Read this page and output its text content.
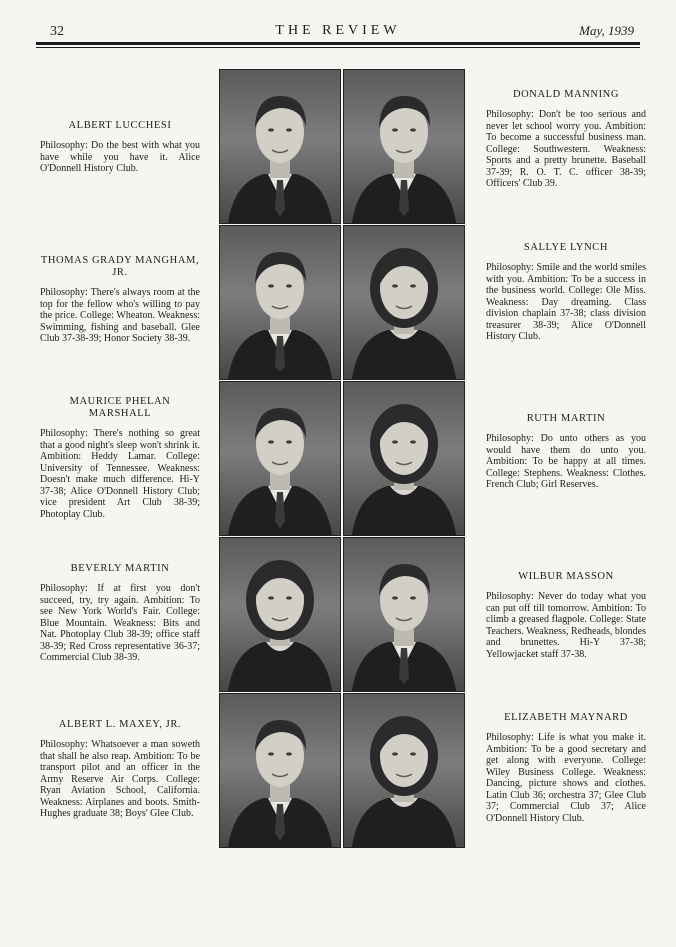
32	THE REVIEW	May, 1939
ALBERT LUCCHESI
Philosophy: Do the best with what you have while you have it. Alice O'Donnell History Club.
DONALD MANNING
Philosophy: Don't be too serious and never let school worry you. Ambition: To become a successful business man. College: Southwestern. Weakness: Sports and a pretty brunette. Baseball 37-39; R. O. T. C. officer 38-39; Officers' Club 39.
THOMAS GRADY MANGHAM, JR.
Philosophy: There's always room at the top for the fellow who's willing to pay the price. College: Wheaton. Weakness: Swimming, fishing and baseball. Glee Club 37-38-39; Honor Society 38-39.
SALLYE LYNCH
Philosophy: Smile and the world smiles with you. Ambition: To be a success in the business world. College: Ole Miss. Weakness: Day dreaming. Class division chaplain 37-38; class division treasurer 38-39; Alice O'Donnell History Club.
MAURICE PHELAN MARSHALL
Philosophy: There's nothing so great that a good night's sleep won't shrink it. Ambition: Heddy Lamar. College: University of Tennessee. Weakness: Doesn't make much difference. Hi-Y 37-38; Alice O'Donnell History Club; vice president Art Club 38-39; Photoplay Club.
RUTH MARTIN
Philosophy: Do unto others as you would have them do unto you. Ambition: To be happy at all times. College: Stephens. Weakness: Clothes. French Club; Girl Reserves.
BEVERLY MARTIN
Philosophy: If at first you don't succeed, try, try again. Ambition: To see New York World's Fair. College: Blue Mountain. Weakness: Bits and Nat. Photoplay Club 38-39; office staff 38-39; Red Cross representative 36-37; Commercial Club 38-39.
WILBUR MASSON
Philosophy: Never do today what you can put off till tomorrow. Ambition: To climb a greased flagpole. College: State Teachers. Weakness, Redheads, blondes and brunettes. Hi-Y 37-38; Yellowjacket staff 37-38.
ALBERT L. MAXEY, JR.
Philosophy: Whatsoever a man soweth that shall he also reap. Ambition: To be transport pilot and an officer in the Army Reserve Air Corps. College: Ryan Aviation School, California. Weakness: Airplanes and boots. Smith-Hughes graduate 38; Boys' Glee Club.
ELIZABETH MAYNARD
Philosophy: Life is what you make it. Ambition: To be a good secretary and get along with everyone. College: Wiley Business College. Weakness: Dancing, picture shows and clothes. Latin Club 36; orchestra 37; Glee Club 37; Commercial Club 37; Alice O'Donnell History Club.
